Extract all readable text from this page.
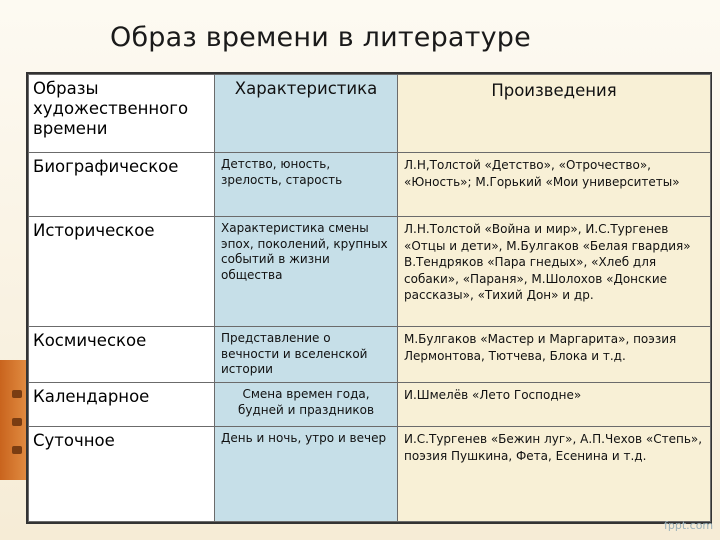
Образ времени в литературе
Образы художественного времени	Характеристика	Произведения
Биографическое	Детство, юность, зрелость, старость	Л.Н,Толстой «Детство», «Отрочество», «Юность»; М.Горький «Мои университеты»
Историческое	Характеристика смены эпох, поколений, крупных событий в жизни общества	Л.Н.Толстой «Война и мир», И.С.Тургенев «Отцы и дети», М.Булгаков «Белая гвардия» В.Тендряков «Пара гнедых», «Хлеб для собаки», «Параня», М.Шолохов «Донские рассказы», «Тихий Дон» и др.
Космическое	Представление о вечности и вселенской истории	М.Булгаков «Мастер и Маргарита», поэзия Лермонтова, Тютчева, Блока и т.д.
Календарное	Смена времен года, будней и праздников	И.Шмелёв «Лето Господне»
Суточное	День и ночь, утро и вечер	И.С.Тургенев «Бежин луг», А.П.Чехов «Степь», поэзия Пушкина, Фета, Есенина и т.д.
fppt.com
